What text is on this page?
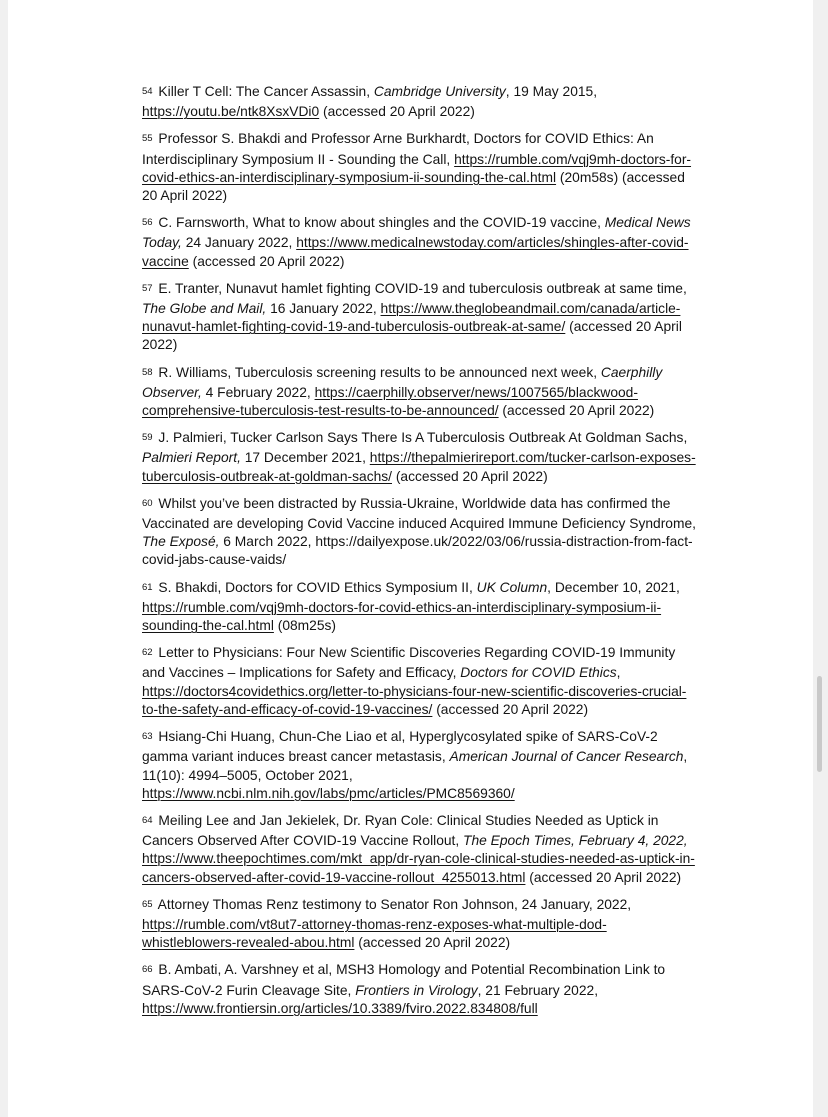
54 Killer T Cell: The Cancer Assassin, Cambridge University, 19 May 2015, https://youtu.be/ntk8XsxVDi0 (accessed 20 April 2022)

55 Professor S. Bhakdi and Professor Arne Burkhardt, Doctors for COVID Ethics: An Interdisciplinary Symposium II - Sounding the Call, https://rumble.com/vqj9mh-doctors-for-covid-ethics-an-interdisciplinary-symposium-ii-sounding-the-cal.html (20m58s) (accessed 20 April 2022)

56 C. Farnsworth, What to know about shingles and the COVID-19 vaccine, Medical News Today, 24 January 2022, https://www.medicalnewstoday.com/articles/shingles-after-covid-vaccine (accessed 20 April 2022)

57 E. Tranter, Nunavut hamlet fighting COVID-19 and tuberculosis outbreak at same time, The Globe and Mail, 16 January 2022, https://www.theglobeandmail.com/canada/article-nunavut-hamlet-fighting-covid-19-and-tuberculosis-outbreak-at-same/ (accessed 20 April 2022)

58 R. Williams, Tuberculosis screening results to be announced next week, Caerphilly Observer, 4 February 2022, https://caerphilly.observer/news/1007565/blackwood-comprehensive-tuberculosis-test-results-to-be-announced/ (accessed 20 April 2022)

59 J. Palmieri, Tucker Carlson Says There Is A Tuberculosis Outbreak At Goldman Sachs, Palmieri Report, 17 December 2021, https://thepalmierireport.com/tucker-carlson-exposes-tuberculosis-outbreak-at-goldman-sachs/ (accessed 20 April 2022)

60 Whilst you’ve been distracted by Russia-Ukraine, Worldwide data has confirmed the Vaccinated are developing Covid Vaccine induced Acquired Immune Deficiency Syndrome, The Exposé, 6 March 2022, https://dailyexpose.uk/2022/03/06/russia-distraction-from-fact-covid-jabs-cause-vaids/

61 S. Bhakdi, Doctors for COVID Ethics Symposium II, UK Column, December 10, 2021, https://rumble.com/vqj9mh-doctors-for-covid-ethics-an-interdisciplinary-symposium-ii-sounding-the-cal.html (08m25s)

62 Letter to Physicians: Four New Scientific Discoveries Regarding COVID-19 Immunity and Vaccines – Implications for Safety and Efficacy, Doctors for COVID Ethics, https://doctors4covidethics.org/letter-to-physicians-four-new-scientific-discoveries-crucial-to-the-safety-and-efficacy-of-covid-19-vaccines/ (accessed 20 April 2022)

63 Hsiang-Chi Huang, Chun-Che Liao et al, Hyperglycosylated spike of SARS-CoV-2 gamma variant induces breast cancer metastasis, American Journal of Cancer Research, 11(10): 4994–5005, October 2021, https://www.ncbi.nlm.nih.gov/labs/pmc/articles/PMC8569360/

64 Meiling Lee and Jan Jekielek, Dr. Ryan Cole: Clinical Studies Needed as Uptick in Cancers Observed After COVID-19 Vaccine Rollout, The Epoch Times, February 4, 2022, https://www.theepochtimes.com/mkt_app/dr-ryan-cole-clinical-studies-needed-as-uptick-in-cancers-observed-after-covid-19-vaccine-rollout_4255013.html (accessed 20 April 2022)

65 Attorney Thomas Renz testimony to Senator Ron Johnson, 24 January, 2022, https://rumble.com/vt8ut7-attorney-thomas-renz-exposes-what-multiple-dod-whistleblowers-revealed-abou.html (accessed 20 April 2022)

66 B. Ambati, A. Varshney et al, MSH3 Homology and Potential Recombination Link to SARS-CoV-2 Furin Cleavage Site, Frontiers in Virology, 21 February 2022, https://www.frontiersin.org/articles/10.3389/fviro.2022.834808/full
